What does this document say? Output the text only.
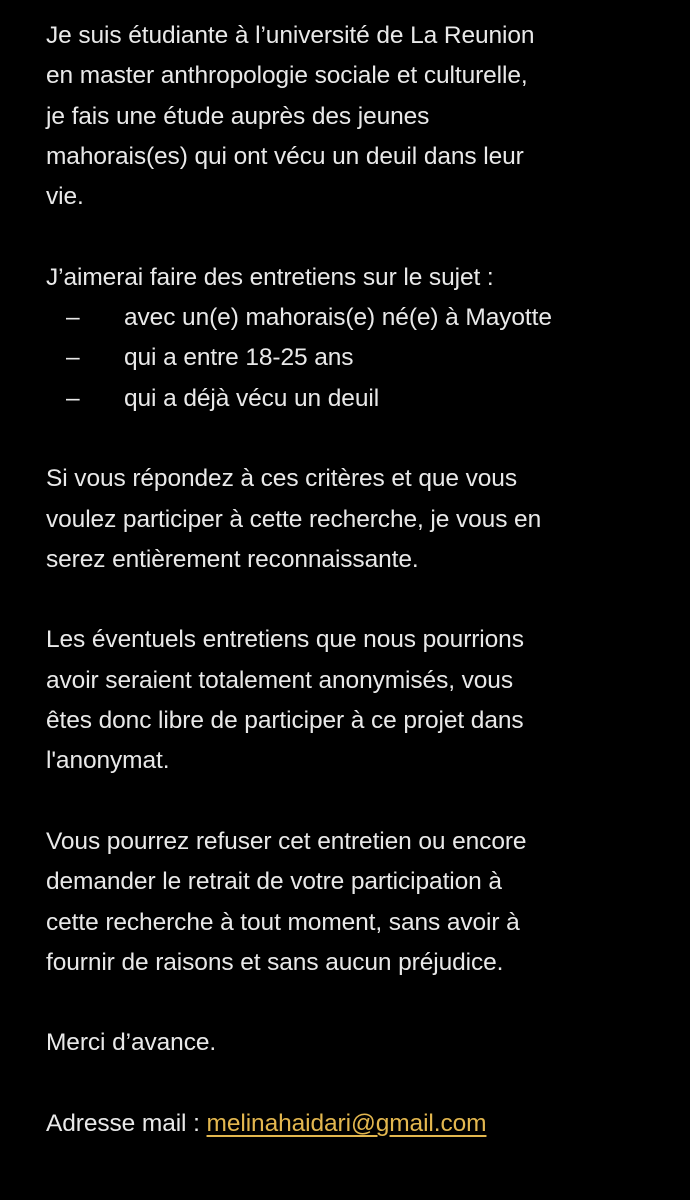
Je suis étudiante à l’université de La Reunion
en master anthropologie sociale et culturelle,
je fais une étude auprès des jeunes
mahorais(es) qui ont vécu un deuil dans leur
vie.
J’aimerai faire des entretiens sur le sujet :
–	avec un(e) mahorais(e) né(e) à Mayotte
–	qui a entre 18-25 ans
–	qui a déjà vécu un deuil
Si vous répondez à ces critères et que vous
voulez participer à cette recherche, je vous en
serez entièrement reconnaissante.
Les éventuels entretiens que nous pourrions
avoir seraient totalement anonymisés, vous
êtes donc libre de participer à ce projet dans
l'anonymat.
Vous pourrez refuser cet entretien ou encore
demander le retrait de votre participation à
cette recherche à tout moment, sans avoir à
fournir de raisons et sans aucun préjudice.
Merci d’avance.
Adresse mail : melinahaidari@gmail.com
